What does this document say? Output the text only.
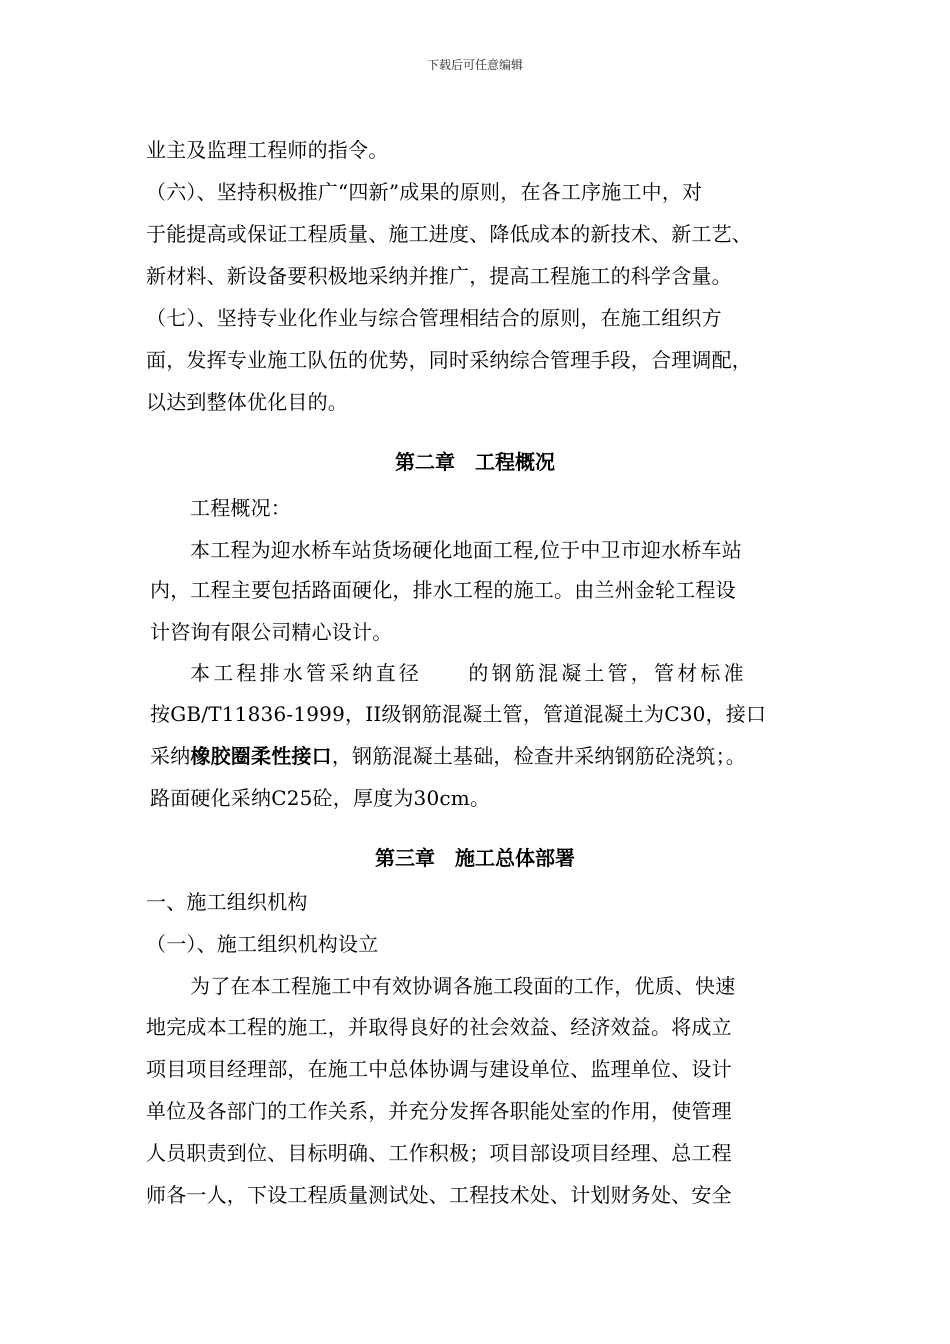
下载后可任意编辑
业主及监理工程师的指令。
（六）、坚持积极推广“四新”成果的原则，在各工序施工中，对
于能提高或保证工程质量、施工进度、降低成本的新技术、新工艺、
新材料、新设备要积极地采纳并推广，提高工程施工的科学含量。
（七）、坚持专业化作业与综合管理相结合的原则，在施工组织方
面，发挥专业施工队伍的优势，同时采纳综合管理手段，合理调配，
以达到整体优化目的。
第二章　工程概况
工程概况：
本工程为迎水桥车站货场硬化地面工程,位于中卫市迎水桥车站
内，工程主要包括路面硬化，排水工程的施工。由兰州金轮工程设
计咨询有限公司精心设计。
本工程排水管采纳直径　　的钢筋混凝土管，管材标准
按GB/T11836-1999，II级钢筋混凝土管，管道混凝土为C30，接口
采纳橡胶圈柔性接口，钢筋混凝土基础，检查井采纳钢筋砼浇筑；。
路面硬化采纳C25砼，厚度为30cm。
第三章　施工总体部署
一、施工组织机构
（一）、施工组织机构设立
为了在本工程施工中有效协调各施工段面的工作，优质、快速
地完成本工程的施工，并取得良好的社会效益、经济效益。将成立
项目项目经理部，在施工中总体协调与建设单位、监理单位、设计
单位及各部门的工作关系，并充分发挥各职能处室的作用，使管理
人员职责到位、目标明确、工作积极；项目部设项目经理、总工程
师各一人，下设工程质量测试处、工程技术处、计划财务处、安全
